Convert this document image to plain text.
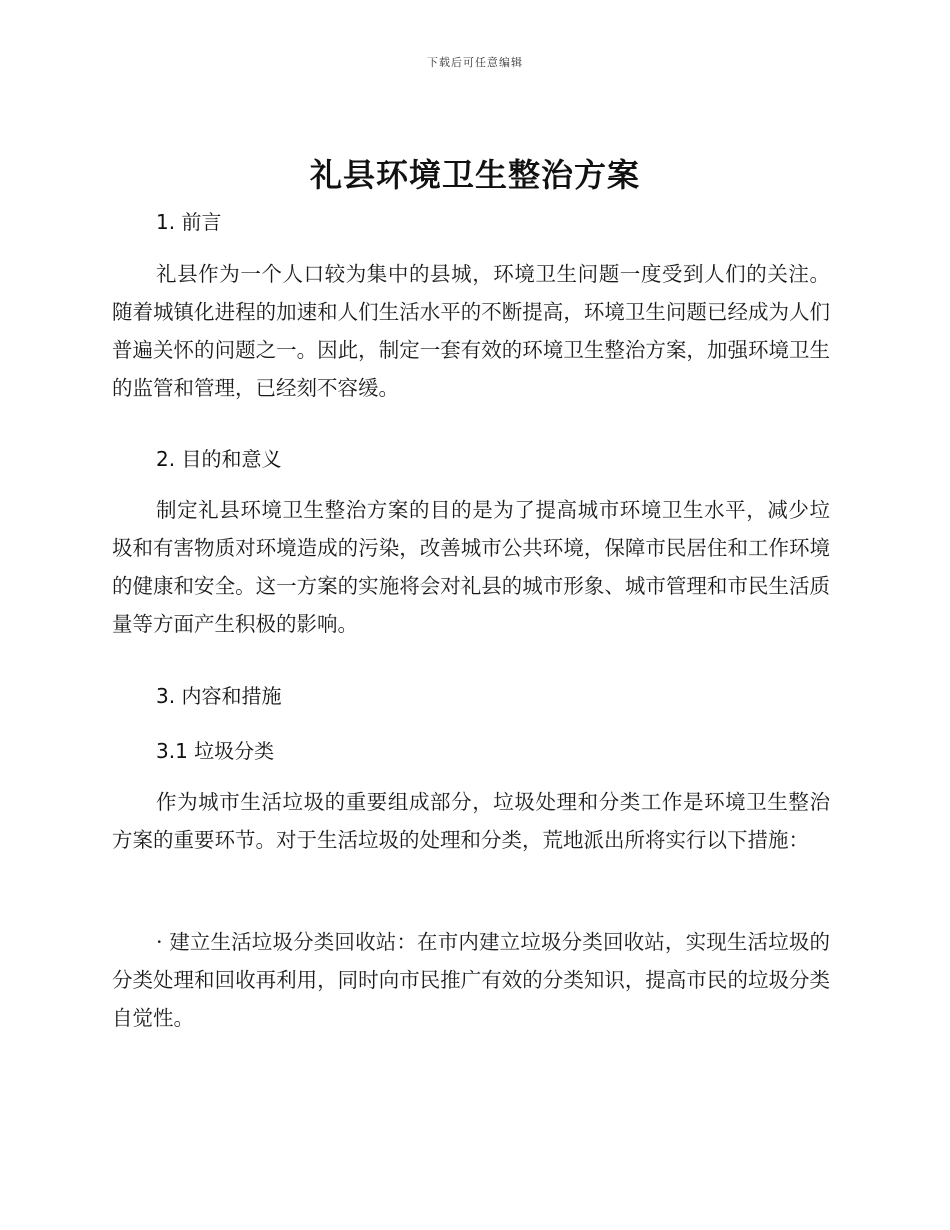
下载后可任意编辑
礼县环境卫生整治方案
1. 前言

礼县作为一个人口较为集中的县城，环境卫生问题一度受到人们的关注。随着城镇化进程的加速和人们生活水平的不断提高，环境卫生问题已经成为人们普遍关怀的问题之一。因此，制定一套有效的环境卫生整治方案，加强环境卫生的监管和管理，已经刻不容缓。

2. 目的和意义

制定礼县环境卫生整治方案的目的是为了提高城市环境卫生水平，减少垃圾和有害物质对环境造成的污染，改善城市公共环境，保障市民居住和工作环境的健康和安全。这一方案的实施将会对礼县的城市形象、城市管理和市民生活质量等方面产生积极的影响。

3. 内容和措施
3.1 垃圾分类

作为城市生活垃圾的重要组成部分，垃圾处理和分类工作是环境卫生整治方案的重要环节。对于生活垃圾的处理和分类，荒地派出所将实行以下措施：

· 建立生活垃圾分类回收站：在市内建立垃圾分类回收站，实现生活垃圾的分类处理和回收再利用，同时向市民推广有效的分类知识，提高市民的垃圾分类自觉性。
